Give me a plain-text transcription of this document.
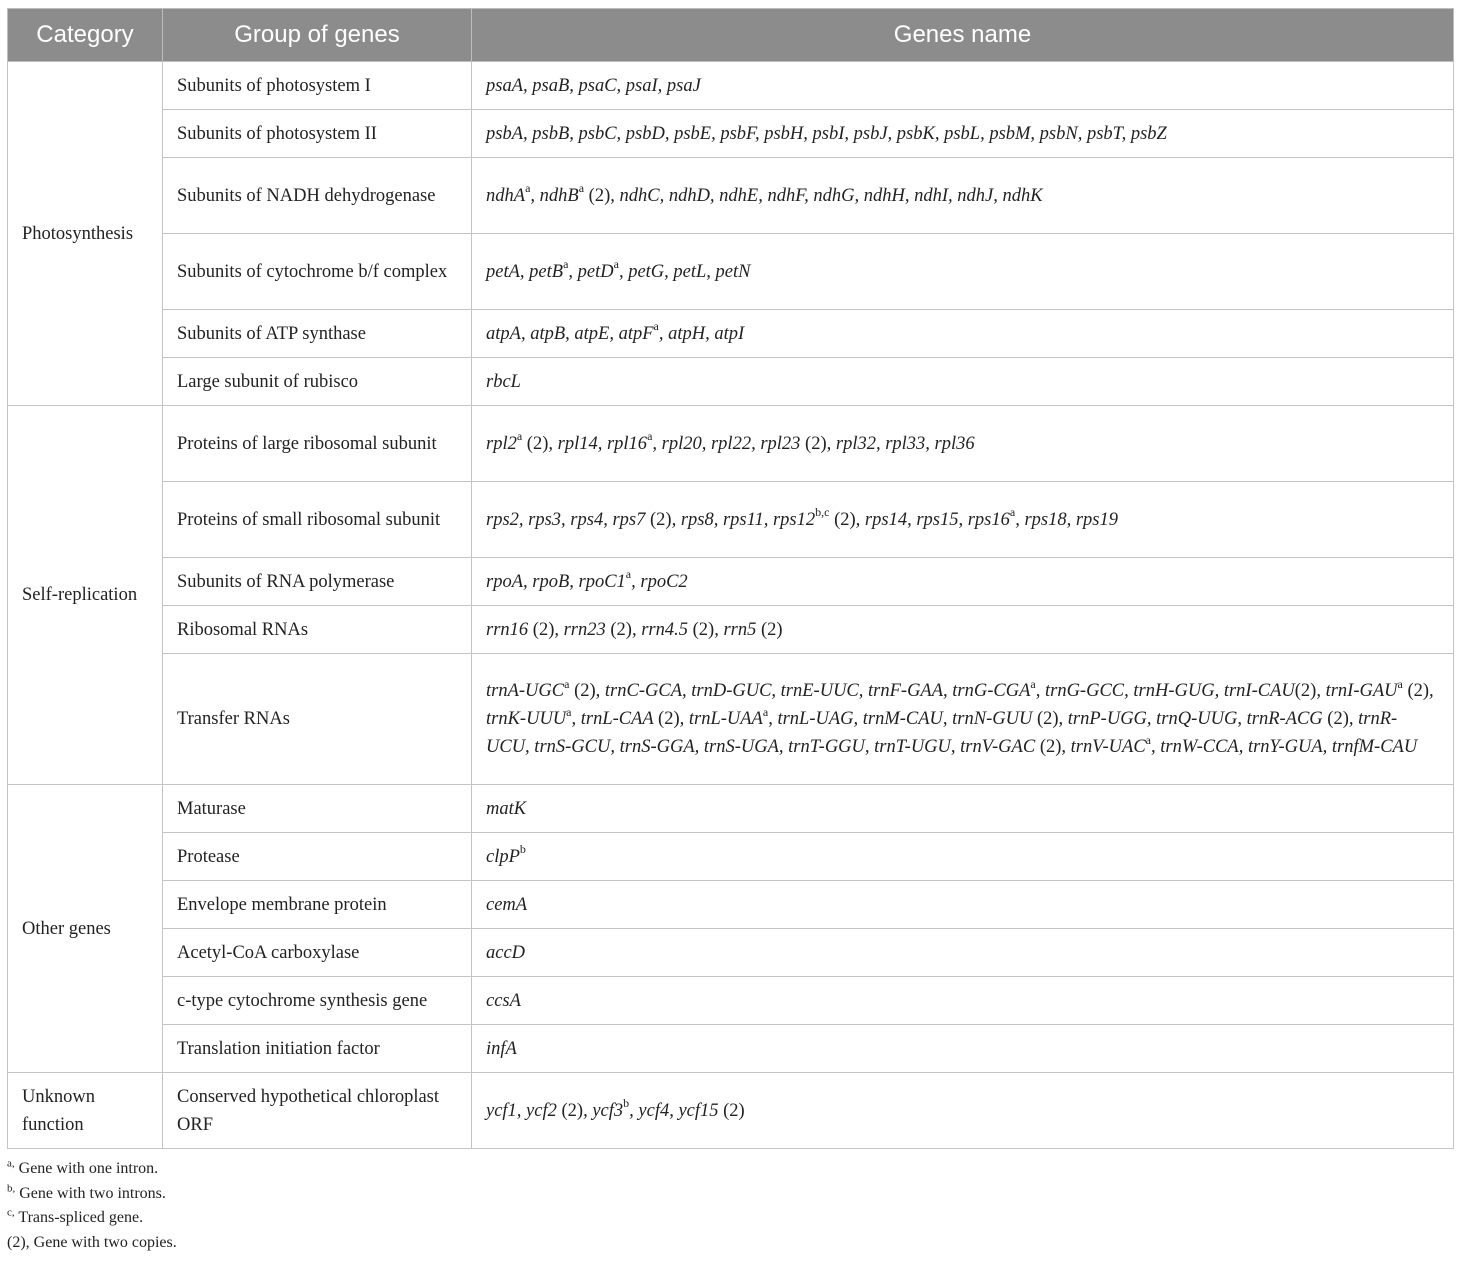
Category	Group of genes	Genes name
Photosynthesis	Subunits of photosystem I	psaA, psaB, psaC, psaI, psaJ
	Subunits of photosystem II	psbA, psbB, psbC, psbD, psbE, psbF, psbH, psbI, psbJ, psbK, psbL, psbM, psbN, psbT, psbZ
	Subunits of NADH dehydrogenase	ndhA$^a$, ndhB$^a$ (2), ndhC, ndhD, ndhE, ndhF, ndhG, ndhH, ndhI, ndhJ, ndhK
	Subunits of cytochrome b/f complex	petA, petB$^a$, petD$^a$, petG, petL, petN
	Subunits of ATP synthase	atpA, atpB, atpE, atpF$^a$, atpH, atpI
	Large subunit of rubisco	rbcL
Self-replication	Proteins of large ribosomal subunit	rpl2$^a$ (2), rpl14, rpl16$^a$, rpl20, rpl22, rpl23 (2), rpl32, rpl33, rpl36
	Proteins of small ribosomal subunit	rps2, rps3, rps4, rps7 (2), rps8, rps11, rps12$^{b,c}$ (2), rps14, rps15, rps16$^a$, rps18, rps19
	Subunits of RNA polymerase	rpoA, rpoB, rpoC1$^a$, rpoC2
	Ribosomal RNAs	rrn16 (2), rrn23 (2), rrn4.5 (2), rrn5 (2)
	Transfer RNAs	trnA-UGC$^a$ (2), trnC-GCA, trnD-GUC, trnE-UUC, trnF-GAA, trnG-CGA$^a$, trnG-GCC, trnH-GUG, trnI-CAU(2), trnI-GAU$^a$ (2), trnK-UUU$^a$, trnL-CAA (2), trnL-UAA$^a$, trnL-UAG, trnM-CAU, trnN-GUU (2), trnP-UGG, trnQ-UUG, trnR-ACG (2), trnR-UCU, trnS-GCU, trnS-GGA, trnS-UGA, trnT-GGU, trnT-UGU, trnV-GAC (2), trnV-UAC$^a$, trnW-CCA, trnY-GUA, trnfM-CAU
Other genes	Maturase	matK
	Protease	clpP$^b$
	Envelope membrane protein	cemA
	Acetyl-CoA carboxylase	accD
	c-type cytochrome synthesis gene	ccsA
	Translation initiation factor	infA
Unknown function	Conserved hypothetical chloroplast ORF	ycf1, ycf2 (2), ycf3$^b$, ycf4, ycf15 (2)
$^{a,}$ Gene with one intron.
$^{b,}$ Gene with two introns.
$^{c,}$ Trans-spliced gene.
(2), Gene with two copies.
